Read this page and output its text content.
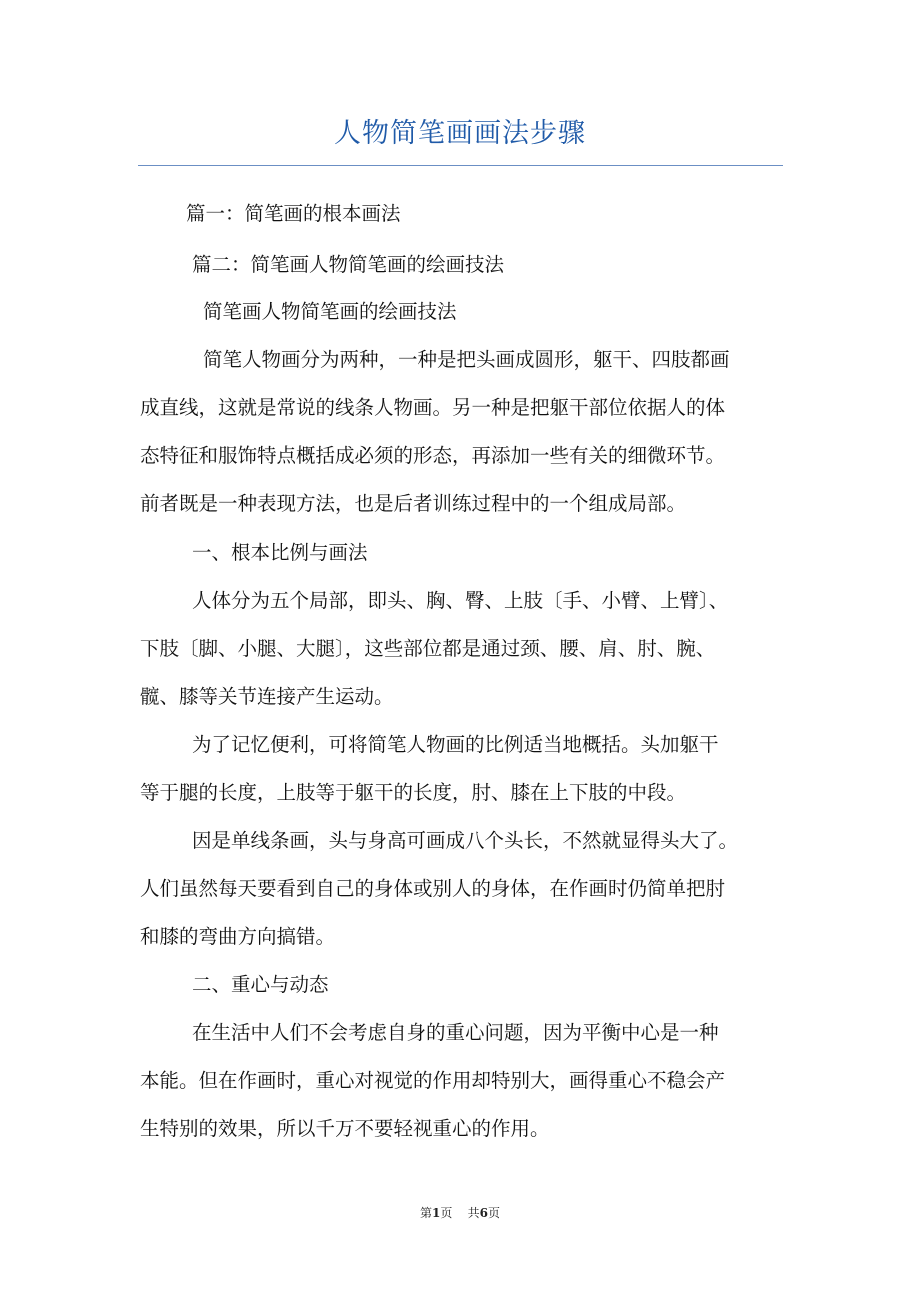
人物简笔画画法步骤
篇一：简笔画的根本画法
篇二：简笔画人物简笔画的绘画技法
简笔画人物简笔画的绘画技法
简笔人物画分为两种，一种是把头画成圆形，躯干、四肢都画
成直线，这就是常说的线条人物画。另一种是把躯干部位依据人的体
态特征和服饰特点概括成必须的形态，再添加一些有关的细微环节。
前者既是一种表现方法，也是后者训练过程中的一个组成局部。
一、根本比例与画法
人体分为五个局部，即头、胸、臀、上肢〔手、小臂、上臂〕、
下肢〔脚、小腿、大腿〕，这些部位都是通过颈、腰、肩、肘、腕、
髋、膝等关节连接产生运动。
为了记忆便利，可将简笔人物画的比例适当地概括。头加躯干
等于腿的长度，上肢等于躯干的长度，肘、膝在上下肢的中段。
因是单线条画，头与身高可画成八个头长，不然就显得头大了。
人们虽然每天要看到自己的身体或别人的身体，在作画时仍简单把肘
和膝的弯曲方向搞错。
二、重心与动态
在生活中人们不会考虑自身的重心问题，因为平衡中心是一种
本能。但在作画时，重心对视觉的作用却特别大，画得重心不稳会产
生特别的效果，所以千万不要轻视重心的作用。
第1页 共6页
